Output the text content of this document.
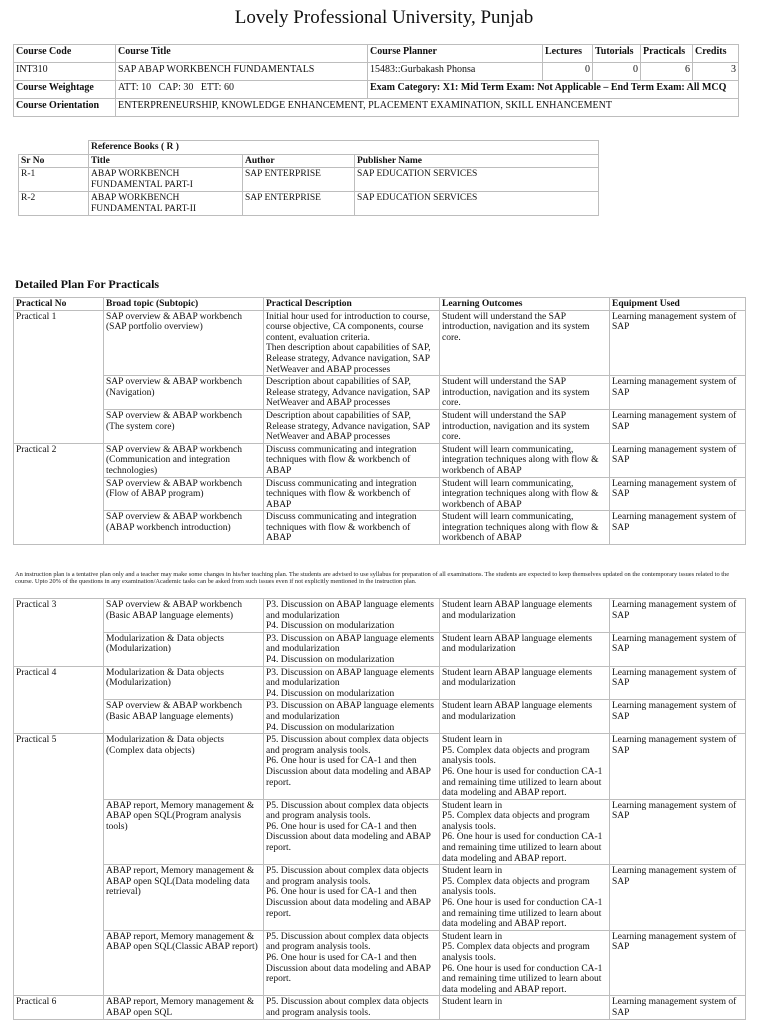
Lovely Professional University, Punjab
Course Code	Course Title	Course Planner	Lectures	Tutorials	Practicals	Credits
INT310	SAP ABAP WORKBENCH FUNDAMENTALS	15483::Gurbakash Phonsa	0	0	6	3
Course Weightage	ATT: 10   CAP: 30   ETT: 60	Exam Category: X1: Mid Term Exam: Not Applicable – End Term Exam: All MCQ				
Course Orientation	ENTERPRENEURSHIP, KNOWLEDGE ENHANCEMENT, PLACEMENT EXAMINATION, SKILL ENHANCEMENT					
	Reference Books ( R )		
Sr No	Title	Author	Publisher Name
R-1	ABAP WORKBENCH FUNDAMENTAL PART-I	SAP ENTERPRISE	SAP EDUCATION SERVICES
R-2	ABAP WORKBENCH FUNDAMENTAL PART-II	SAP ENTERPRISE	SAP EDUCATION SERVICES
Detailed Plan For Practicals
Practical No	Broad topic (Subtopic)	Practical Description	Learning Outcomes	Equipment Used
Practical 1	SAP overview & ABAP workbench (SAP portfolio overview)	Initial hour used for introduction to course, course objective, CA components, course content, evaluation criteria.
Then description about capabilities of SAP, Release strategy, Advance navigation, SAP NetWeaver and ABAP processes	Student will understand the SAP introduction, navigation and its system core.	Learning management system of SAP
	SAP overview & ABAP workbench (Navigation)	Description about capabilities of SAP, Release strategy, Advance navigation, SAP NetWeaver and ABAP processes	Student will understand the SAP introduction, navigation and its system core.	Learning management system of SAP
	SAP overview & ABAP workbench (The system core)	Description about capabilities of SAP, Release strategy, Advance navigation, SAP NetWeaver and ABAP processes	Student will understand the SAP introduction, navigation and its system core.	Learning management system of SAP
Practical 2	SAP overview & ABAP workbench (Communication and integration technologies)	Discuss communicating and integration techniques with flow & workbench of ABAP	Student will learn communicating, integration techniques along with flow & workbench of ABAP	Learning management system of SAP
	SAP overview & ABAP workbench (Flow of ABAP program)	Discuss communicating and integration techniques with flow & workbench of ABAP	Student will learn communicating, integration techniques along with flow & workbench of ABAP	Learning management system of SAP
	SAP overview & ABAP workbench (ABAP workbench introduction)	Discuss communicating and integration techniques with flow & workbench of ABAP	Student will learn communicating, integration techniques along with flow & workbench of ABAP	Learning management system of SAP
An instruction plan is a tentative plan only and a teacher may make some changes in his/her teaching plan. The students are advised to use syllabus for preparation of all examinations. The students are expected to keep themselves updated on the contemporary issues related to the course. Upto 20% of the questions in any examination/Academic tasks can be asked from such issues even if not explicitly mentioned in the instruction plan.
Practical 3	SAP overview & ABAP workbench (Basic ABAP language elements)	P3. Discussion on ABAP language elements and modularization
P4. Discussion on modularization	Student learn ABAP language elements and modularization	Learning management system of SAP
	Modularization & Data objects (Modularization)	P3. Discussion on ABAP language elements and modularization
P4. Discussion on modularization	Student learn ABAP language elements and modularization	Learning management system of SAP
Practical 4	Modularization & Data objects (Modularization)	P3. Discussion on ABAP language elements and modularization
P4. Discussion on modularization	Student learn ABAP language elements and modularization	Learning management system of SAP
	SAP overview & ABAP workbench (Basic ABAP language elements)	P3. Discussion on ABAP language elements and modularization
P4. Discussion on modularization	Student learn ABAP language elements and modularization	Learning management system of SAP
Practical 5	Modularization & Data objects (Complex data objects)	P5. Discussion about complex data objects and program analysis tools.
P6. One hour is used for CA-1 and then Discussion about data modeling and ABAP report.	Student learn in
P5. Complex data objects and program analysis tools.
P6. One hour is used for conduction CA-1 and remaining time utilized to learn about data modeling and ABAP report.	Learning management system of SAP
	ABAP report, Memory management & ABAP open SQL(Program analysis tools)	P5. Discussion about complex data objects and program analysis tools.
P6. One hour is used for CA-1 and then Discussion about data modeling and ABAP report.	Student learn in
P5. Complex data objects and program analysis tools.
P6. One hour is used for conduction CA-1 and remaining time utilized to learn about data modeling and ABAP report.	Learning management system of SAP
	ABAP report, Memory management & ABAP open SQL(Data modeling data retrieval)	P5. Discussion about complex data objects and program analysis tools.
P6. One hour is used for CA-1 and then Discussion about data modeling and ABAP report.	Student learn in
P5. Complex data objects and program analysis tools.
P6. One hour is used for conduction CA-1 and remaining time utilized to learn about data modeling and ABAP report.	Learning management system of SAP
	ABAP report, Memory management & ABAP open SQL(Classic ABAP report)	P5. Discussion about complex data objects and program analysis tools.
P6. One hour is used for CA-1 and then Discussion about data modeling and ABAP report.	Student learn in
P5. Complex data objects and program analysis tools.
P6. One hour is used for conduction CA-1 and remaining time utilized to learn about data modeling and ABAP report.	Learning management system of SAP
Practical 6	ABAP report, Memory management & ABAP open SQL	P5. Discussion about complex data objects and program analysis tools.	Student learn in	Learning management system of SAP
